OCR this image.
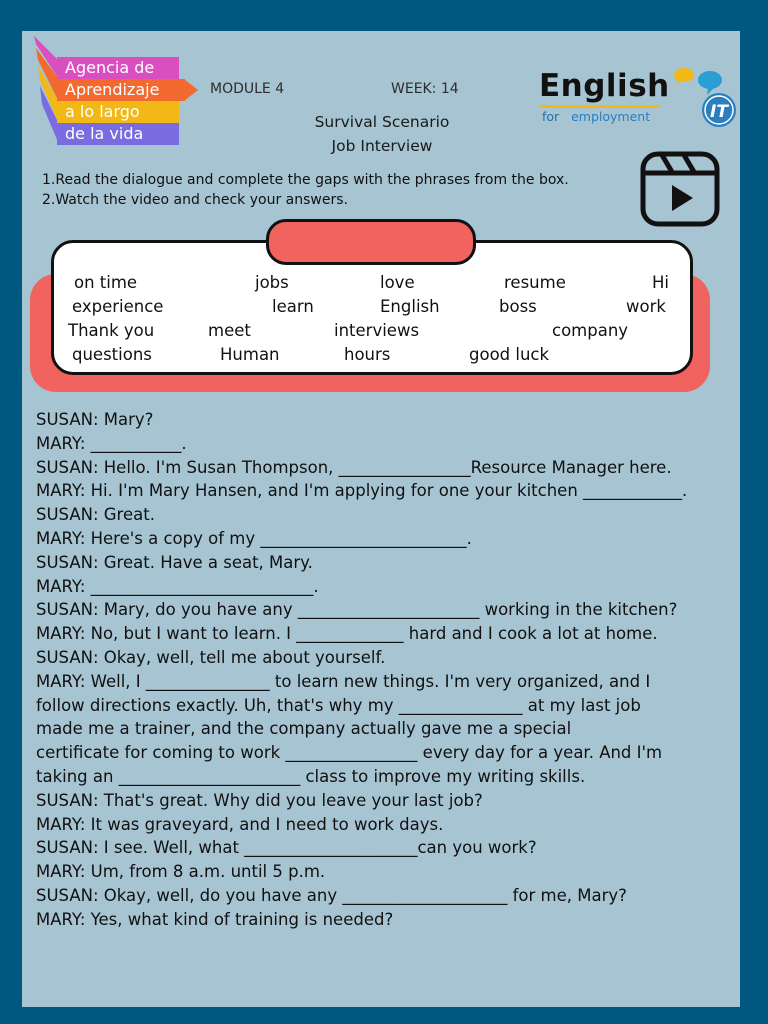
Agencia de
Aprendizaje
a lo largo
de la vida
MODULE 4	WEEK: 14
Survival Scenario
Job Interview
English
for employment	IT
1.Read the dialogue and complete the gaps with the phrases from the box.
2.Watch the video and check your answers.
on time	jobs	love	resume	Hi
experience	learn	English	boss	work
Thank you	meet	interviews	company
questions	Human	hours	good luck
SUSAN: Mary?
MARY: ___________.
SUSAN: Hello. I'm Susan Thompson, ________________Resource Manager here.
MARY: Hi. I'm Mary Hansen, and I'm applying for one your kitchen ____________.
SUSAN: Great.
MARY: Here's a copy of my _________________________.
SUSAN: Great. Have a seat, Mary.
MARY: ___________________________.
SUSAN: Mary, do you have any ______________________ working in the kitchen?
MARY: No, but I want to learn. I _____________ hard and I cook a lot at home.
SUSAN: Okay, well, tell me about yourself.
MARY: Well, I _______________ to learn new things. I'm very organized, and I
follow directions exactly. Uh, that's why my _______________ at my last job
made me a trainer, and the company actually gave me a special
certificate for coming to work ________________ every day for a year. And I'm
taking an ______________________ class to improve my writing skills.
SUSAN: That's great. Why did you leave your last job?
MARY: It was graveyard, and I need to work days.
SUSAN: I see. Well, what _____________________can you work?
MARY: Um, from 8 a.m. until 5 p.m.
SUSAN: Okay, well, do you have any ____________________ for me, Mary?
MARY: Yes, what kind of training is needed?
